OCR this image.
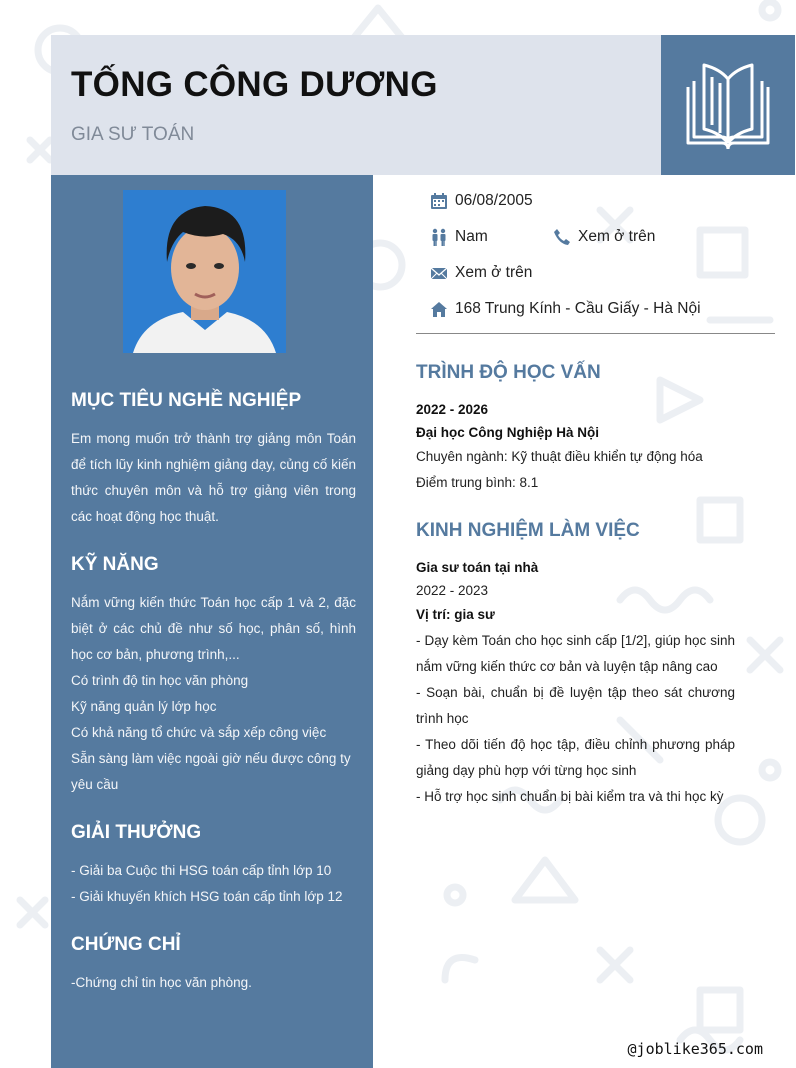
TỐNG CÔNG DƯƠNG
GIA SƯ TOÁN
MỤC TIÊU NGHỀ NGHIỆP
Em mong muốn trở thành trợ giảng môn Toán để tích lũy kinh nghiệm giảng dạy, củng cố kiến thức chuyên môn và hỗ trợ giảng viên trong các hoạt động học thuật.
KỸ NĂNG

Nắm vững kiến thức Toán học cấp 1 và 2, đặc biệt ở các chủ đề như số học, phân số, hình học cơ bản, phương trình,...

Có trình độ tin học văn phòng

Kỹ năng quản lý lớp học

Có khả năng tổ chức và sắp xếp công việc

Sẵn sàng làm việc ngoài giờ nếu được công ty yêu cầu

GIẢI THƯỞNG

- Giải ba Cuộc thi HSG toán cấp tỉnh lớp 10

- Giải khuyến khích HSG toán cấp tỉnh lớp 12

CHỨNG CHỈ

-Chứng chỉ tin học văn phòng.

06/08/2005
Nam	Xem ở trên
Xem ở trên
168 Trung Kính - Cầu Giấy - Hà Nội
TRÌNH ĐỘ HỌC VẤN
2022 - 2026
Đại học Công Nghiệp Hà Nội
Chuyên ngành: Kỹ thuật điều khiển tự động hóa
Điểm trung bình: 8.1
KINH NGHIỆM LÀM VIỆC
Gia sư toán tại nhà
2022 - 2023
Vị trí: gia sư
- Dạy kèm Toán cho học sinh cấp [1/2], giúp học sinh nắm vững kiến thức cơ bản và luyện tập nâng cao
- Soạn bài, chuẩn bị đề luyện tập theo sát chương trình học
- Theo dõi tiến độ học tập, điều chỉnh phương pháp giảng dạy phù hợp với từng học sinh
- Hỗ trợ học sinh chuẩn bị bài kiểm tra và thi học kỳ
@joblike365.com
